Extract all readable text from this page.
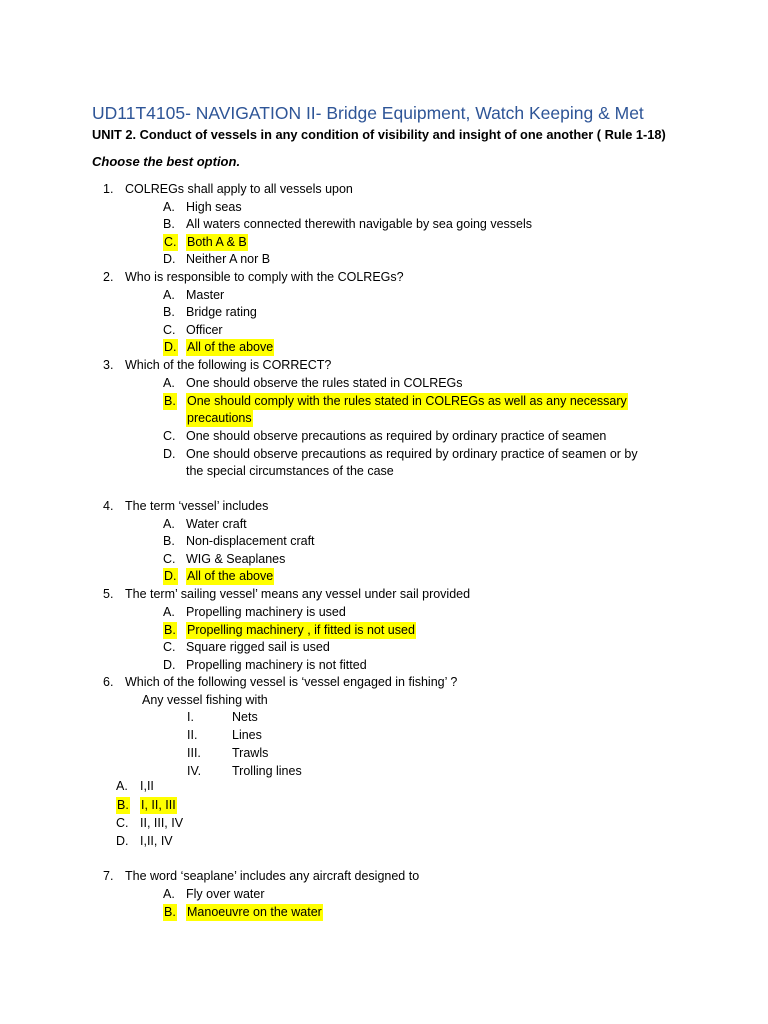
UD11T4105- NAVIGATION II- Bridge Equipment, Watch Keeping & Met
UNIT 2. Conduct of vessels in any condition of visibility and insight of one another ( Rule 1-18)
Choose the best option.
1. COLREGs shall apply to all vessels upon
A. High seas
B. All waters connected therewith navigable by sea going vessels
C. Both A & B
D. Neither A nor B
2. Who is responsible to comply with the COLREGs?
A. Master
B. Bridge rating
C. Officer
D. All of the above
3. Which of the following is CORRECT?
A. One should observe the rules stated in COLREGs
B. One should comply with the rules stated in COLREGs as well as any necessary
precautions
C. One should observe precautions as required by ordinary practice of seamen
D. One should observe precautions as required by ordinary practice of seamen or by
the special circumstances of the case
4. The term ‘vessel’ includes
A. Water craft
B. Non-displacement craft
C. WIG & Seaplanes
D. All of the above
5. The term’ sailing vessel’ means any vessel under sail provided
A. Propelling machinery is used
B. Propelling machinery , if fitted is not used
C. Square rigged sail is used
D. Propelling machinery is not fitted
6. Which of the following vessel is ‘vessel engaged in fishing’ ?
Any vessel fishing with
I.	Nets
II.	Lines
III. Trawls
IV. Trolling lines
A. I,II
B. I, II, III
C. II, III, IV
D. I,II, IV
7. The word ‘seaplane’ includes any aircraft designed to
A. Fly over water
B. Manoeuvre on the water
